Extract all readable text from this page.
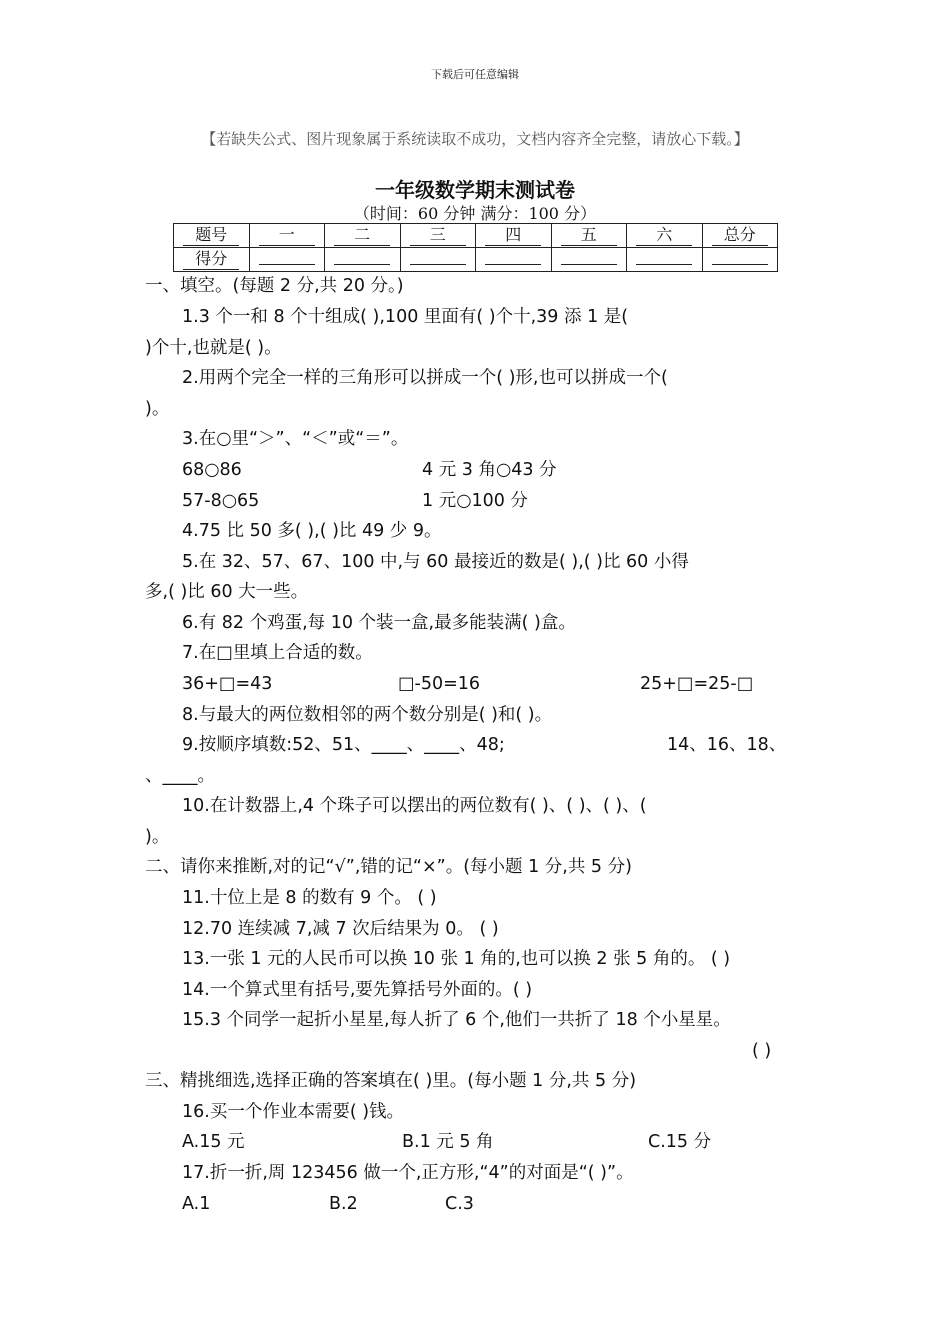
下载后可任意编辑
【若缺失公式、图片现象属于系统读取不成功，文档内容齐全完整，请放心下载。】
一年级数学期末测试卷
（时间：60 分钟 满分：100 分）
题号	一	二	三	四	五	六	总分
得分							
一、填空。(每题 2 分,共 20 分。)
1.3 个一和 8 个十组成( ),100 里面有( )个十,39 添 1 是(
)个十,也就是( )。
2.用两个完全一样的三角形可以拼成一个( )形,也可以拼成一个(
)。
3.在○里“＞”、“＜”或“＝”。
68○86	4 元 3 角○43 分
57-8○65	1 元○100 分
4.75 比 50 多( ),( )比 49 少 9。
5.在 32、57、67、100 中,与 60 最接近的数是( ),( )比 60 小得
多,( )比 60 大一些。
6.有 82 个鸡蛋,每 10 个装一盒,最多能装满( )盒。
7.在□里填上合适的数。
36+□=43	□-50=16	25+□=25-□
8.与最大的两位数相邻的两个数分别是( )和( )。
9.按顺序填数:52、51、____、____、48;	14、16、18、
、____。
10.在计数器上,4 个珠子可以摆出的两位数有( )、( )、( )、(
)。
二、请你来推断,对的记“√”,错的记“×”。(每小题 1 分,共 5 分)
11.十位上是 8 的数有 9 个。 ( )
12.70 连续减 7,减 7 次后结果为 0。 ( )
13.一张 1 元的人民币可以换 10 张 1 角的,也可以换 2 张 5 角的。 ( )
14.一个算式里有括号,要先算括号外面的。( )
15.3 个同学一起折小星星,每人折了 6 个,他们一共折了 18 个小星星。
( )
三、精挑细选,选择正确的答案填在( )里。(每小题 1 分,共 5 分)
16.买一个作业本需要( )钱。
A.15 元	B.1 元 5 角	C.15 分
17.折一折,周 123456 做一个,正方形,“4”的对面是“( )”。
A.1	B.2	C.3
